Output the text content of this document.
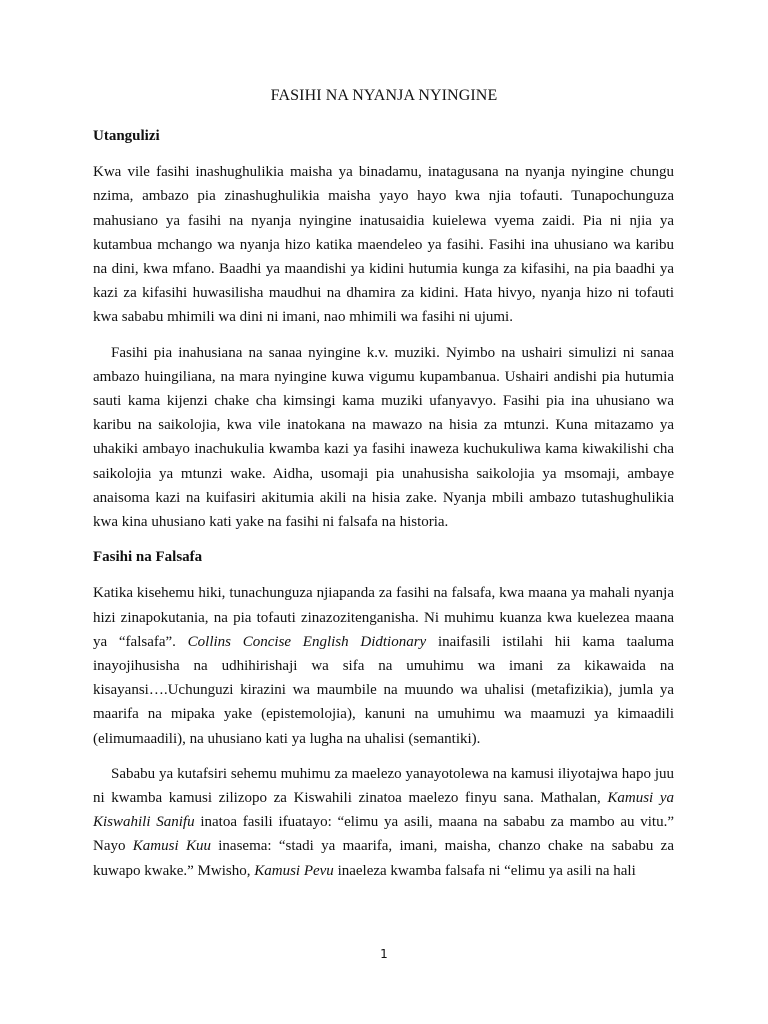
FASIHI NA NYANJA NYINGINE
Utangulizi

Kwa vile fasihi inashughulikia maisha ya binadamu, inatagusana na nyanja nyingine chungu nzima, ambazo pia zinashughulikia maisha yayo hayo kwa njia tofauti. Tunapochunguza mahusiano ya fasihi na nyanja nyingine inatusaidia kuielewa vyema zaidi. Pia ni njia ya kutambua mchango wa nyanja hizo katika maendeleo ya fasihi. Fasihi ina uhusiano wa karibu na dini, kwa mfano. Baadhi ya maandishi ya kidini hutumia kunga za kifasihi, na pia baadhi ya kazi za kifasihi huwasilisha maudhui na dhamira za kidini. Hata hivyo, nyanja hizo ni tofauti kwa sababu mhimili wa dini ni imani, nao mhimili wa fasihi ni ujumi.

Fasihi pia inahusiana na sanaa nyingine k.v. muziki. Nyimbo na ushairi simulizi ni sanaa ambazo huingiliana, na mara nyingine kuwa vigumu kupambanua. Ushairi andishi pia hutumia sauti kama kijenzi chake cha kimsingi kama muziki ufanyavyo. Fasihi pia ina uhusiano wa karibu na saikolojia, kwa vile inatokana na mawazo na hisia za mtunzi. Kuna mitazamo ya uhakiki ambayo inachukulia kwamba kazi ya fasihi inaweza kuchukuliwa kama kiwakilishi cha saikolojia ya mtunzi wake. Aidha, usomaji pia unahusisha saikolojia ya msomaji, ambaye anaisoma kazi na kuifasiri akitumia akili na hisia zake. Nyanja mbili ambazo tutashughulikia kwa kina uhusiano kati yake na fasihi ni falsafa na historia.

Fasihi na Falsafa

Katika kisehemu hiki, tunachunguza njiapanda za fasihi na falsafa, kwa maana ya mahali nyanja hizi zinapokutania, na pia tofauti zinazozitenganisha. Ni muhimu kuanza kwa kuelezea maana ya “falsafa”. Collins Concise English Didtionary inaifasili istilahi hii kama taaluma inayojihusisha na udhihirishaji wa sifa na umuhimu wa imani za kikawaida na kisayansi….Uchunguzi kirazini wa maumbile na muundo wa uhalisi (metafizikia), jumla ya maarifa na mipaka yake (epistemolojia), kanuni na umuhimu wa maamuzi ya kimaadili (elimumaadili), na uhusiano kati ya lugha na uhalisi (semantiki).

Sababu ya kutafsiri sehemu muhimu za maelezo yanayotolewa na kamusi iliyotajwa hapo juu ni kwamba kamusi zilizopo za Kiswahili zinatoa maelezo finyu sana. Mathalan, Kamusi ya Kiswahili Sanifu inatoa fasili ifuatayo: “elimu ya asili, maana na sababu za mambo au vitu.” Nayo Kamusi Kuu inasema: “stadi ya maarifa, imani, maisha, chanzo chake na sababu za kuwapo kwake.” Mwisho, Kamusi Pevu inaeleza kwamba falsafa ni “elimu ya asili na hali

1
